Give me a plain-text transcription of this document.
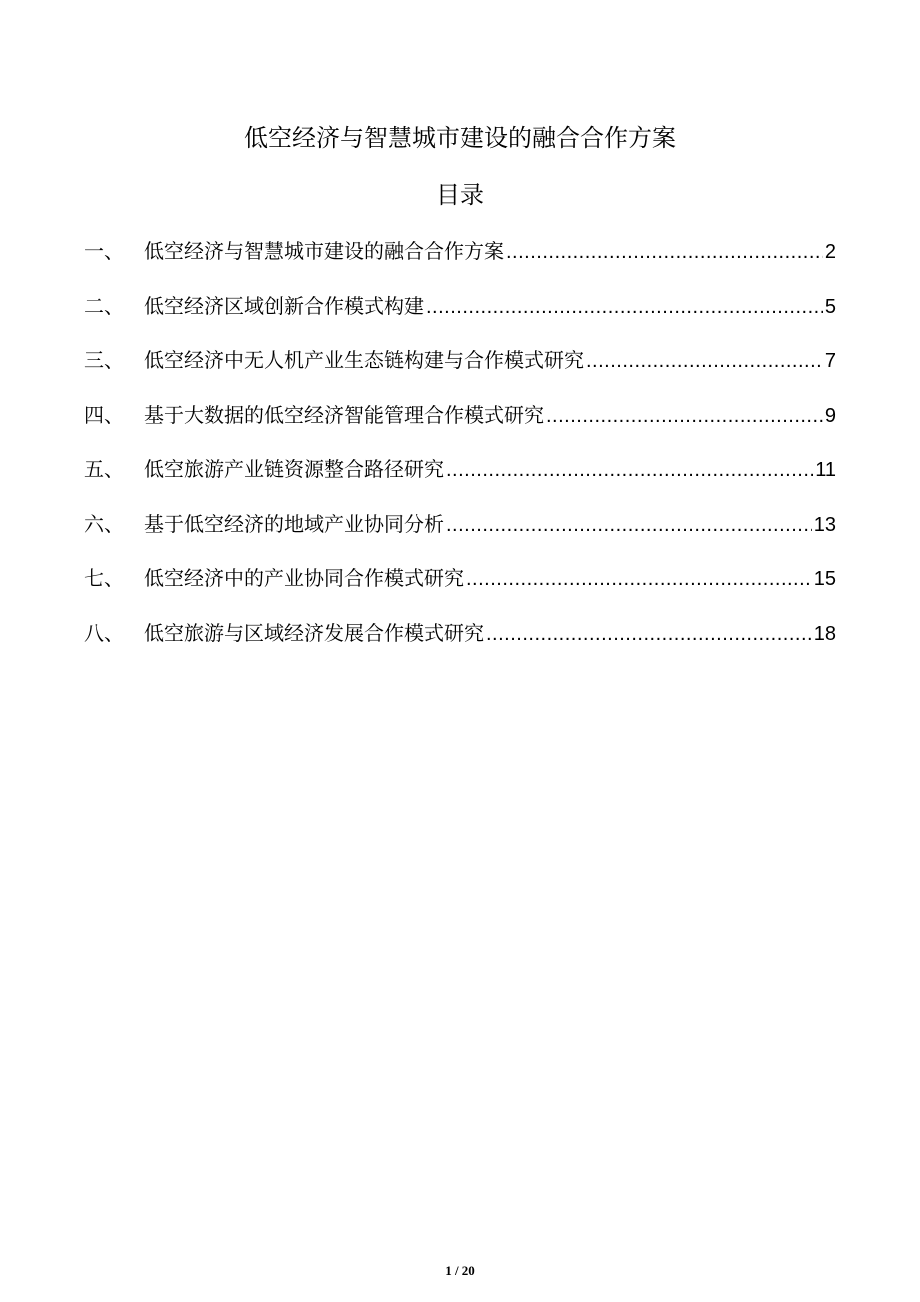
低空经济与智慧城市建设的融合合作方案
目录
一、	低空经济与智慧城市建设的融合合作方案 .....	2
二、	低空经济区域创新合作模式构建 .....	5
三、	低空经济中无人机产业生态链构建与合作模式研究 .....	7
四、	基于大数据的低空经济智能管理合作模式研究 .....	9
五、	低空旅游产业链资源整合路径研究 .....	11
六、	基于低空经济的地域产业协同分析 .....	13
七、	低空经济中的产业协同合作模式研究 .....	15
八、	低空旅游与区域经济发展合作模式研究 .....	18
1 / 20
